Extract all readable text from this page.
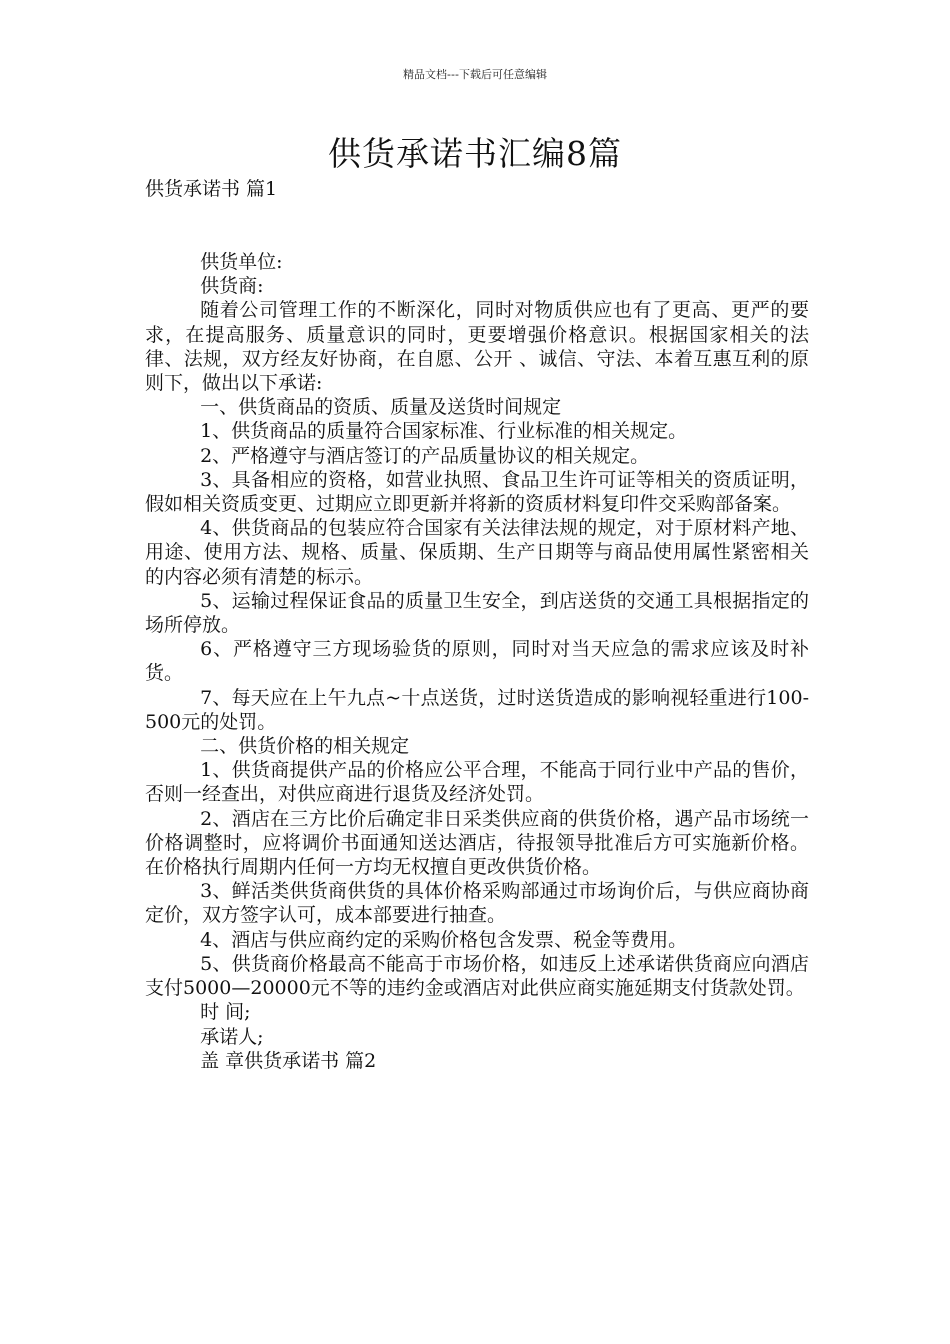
精品文档---下载后可任意编辑
供货承诺书汇编8篇
供货承诺书 篇1

供货单位:

供货商:

随着公司管理工作的不断深化，同时对物质供应也有了更高、更严的要求，在提高服务、质量意识的同时，更要增强价格意识。根据国家相关的法律、法规，双方经友好协商，在自愿、公开 、诚信、守法、本着互惠互利的原则下，做出以下承诺:

一、供货商品的资质、质量及送货时间规定

1、供货商品的质量符合国家标准、行业标准的相关规定。

2、严格遵守与酒店签订的产品质量协议的相关规定。

3、具备相应的资格，如营业执照、食品卫生许可证等相关的资质证明，假如相关资质变更、过期应立即更新并将新的资质材料复印件交采购部备案。

4、供货商品的包装应符合国家有关法律法规的规定，对于原材料产地、用途、使用方法、规格、质量、保质期、生产日期等与商品使用属性紧密相关的内容必须有清楚的标示。

5、运输过程保证食品的质量卫生安全，到店送货的交通工具根据指定的场所停放。

6、严格遵守三方现场验货的原则，同时对当天应急的需求应该及时补货。

7、每天应在上午九点~十点送货，过时送货造成的影响视轻重进行100-500元的处罚。

二、供货价格的相关规定

1、供货商提供产品的价格应公平合理，不能高于同行业中产品的售价，否则一经查出，对供应商进行退货及经济处罚。

2、酒店在三方比价后确定非日采类供应商的供货价格，遇产品市场统一价格调整时，应将调价书面通知送达酒店，待报领导批准后方可实施新价格。在价格执行周期内任何一方均无权擅自更改供货价格。

3、鲜活类供货商供货的具体价格采购部通过市场询价后，与供应商协商定价，双方签字认可，成本部要进行抽查。

4、酒店与供应商约定的采购价格包含发票、税金等费用。

5、供货商价格最高不能高于市场价格，如违反上述承诺供货商应向酒店支付5000—20000元不等的违约金或酒店对此供应商实施延期支付货款处罚。

时 间;

承诺人;

盖 章供货承诺书 篇2
